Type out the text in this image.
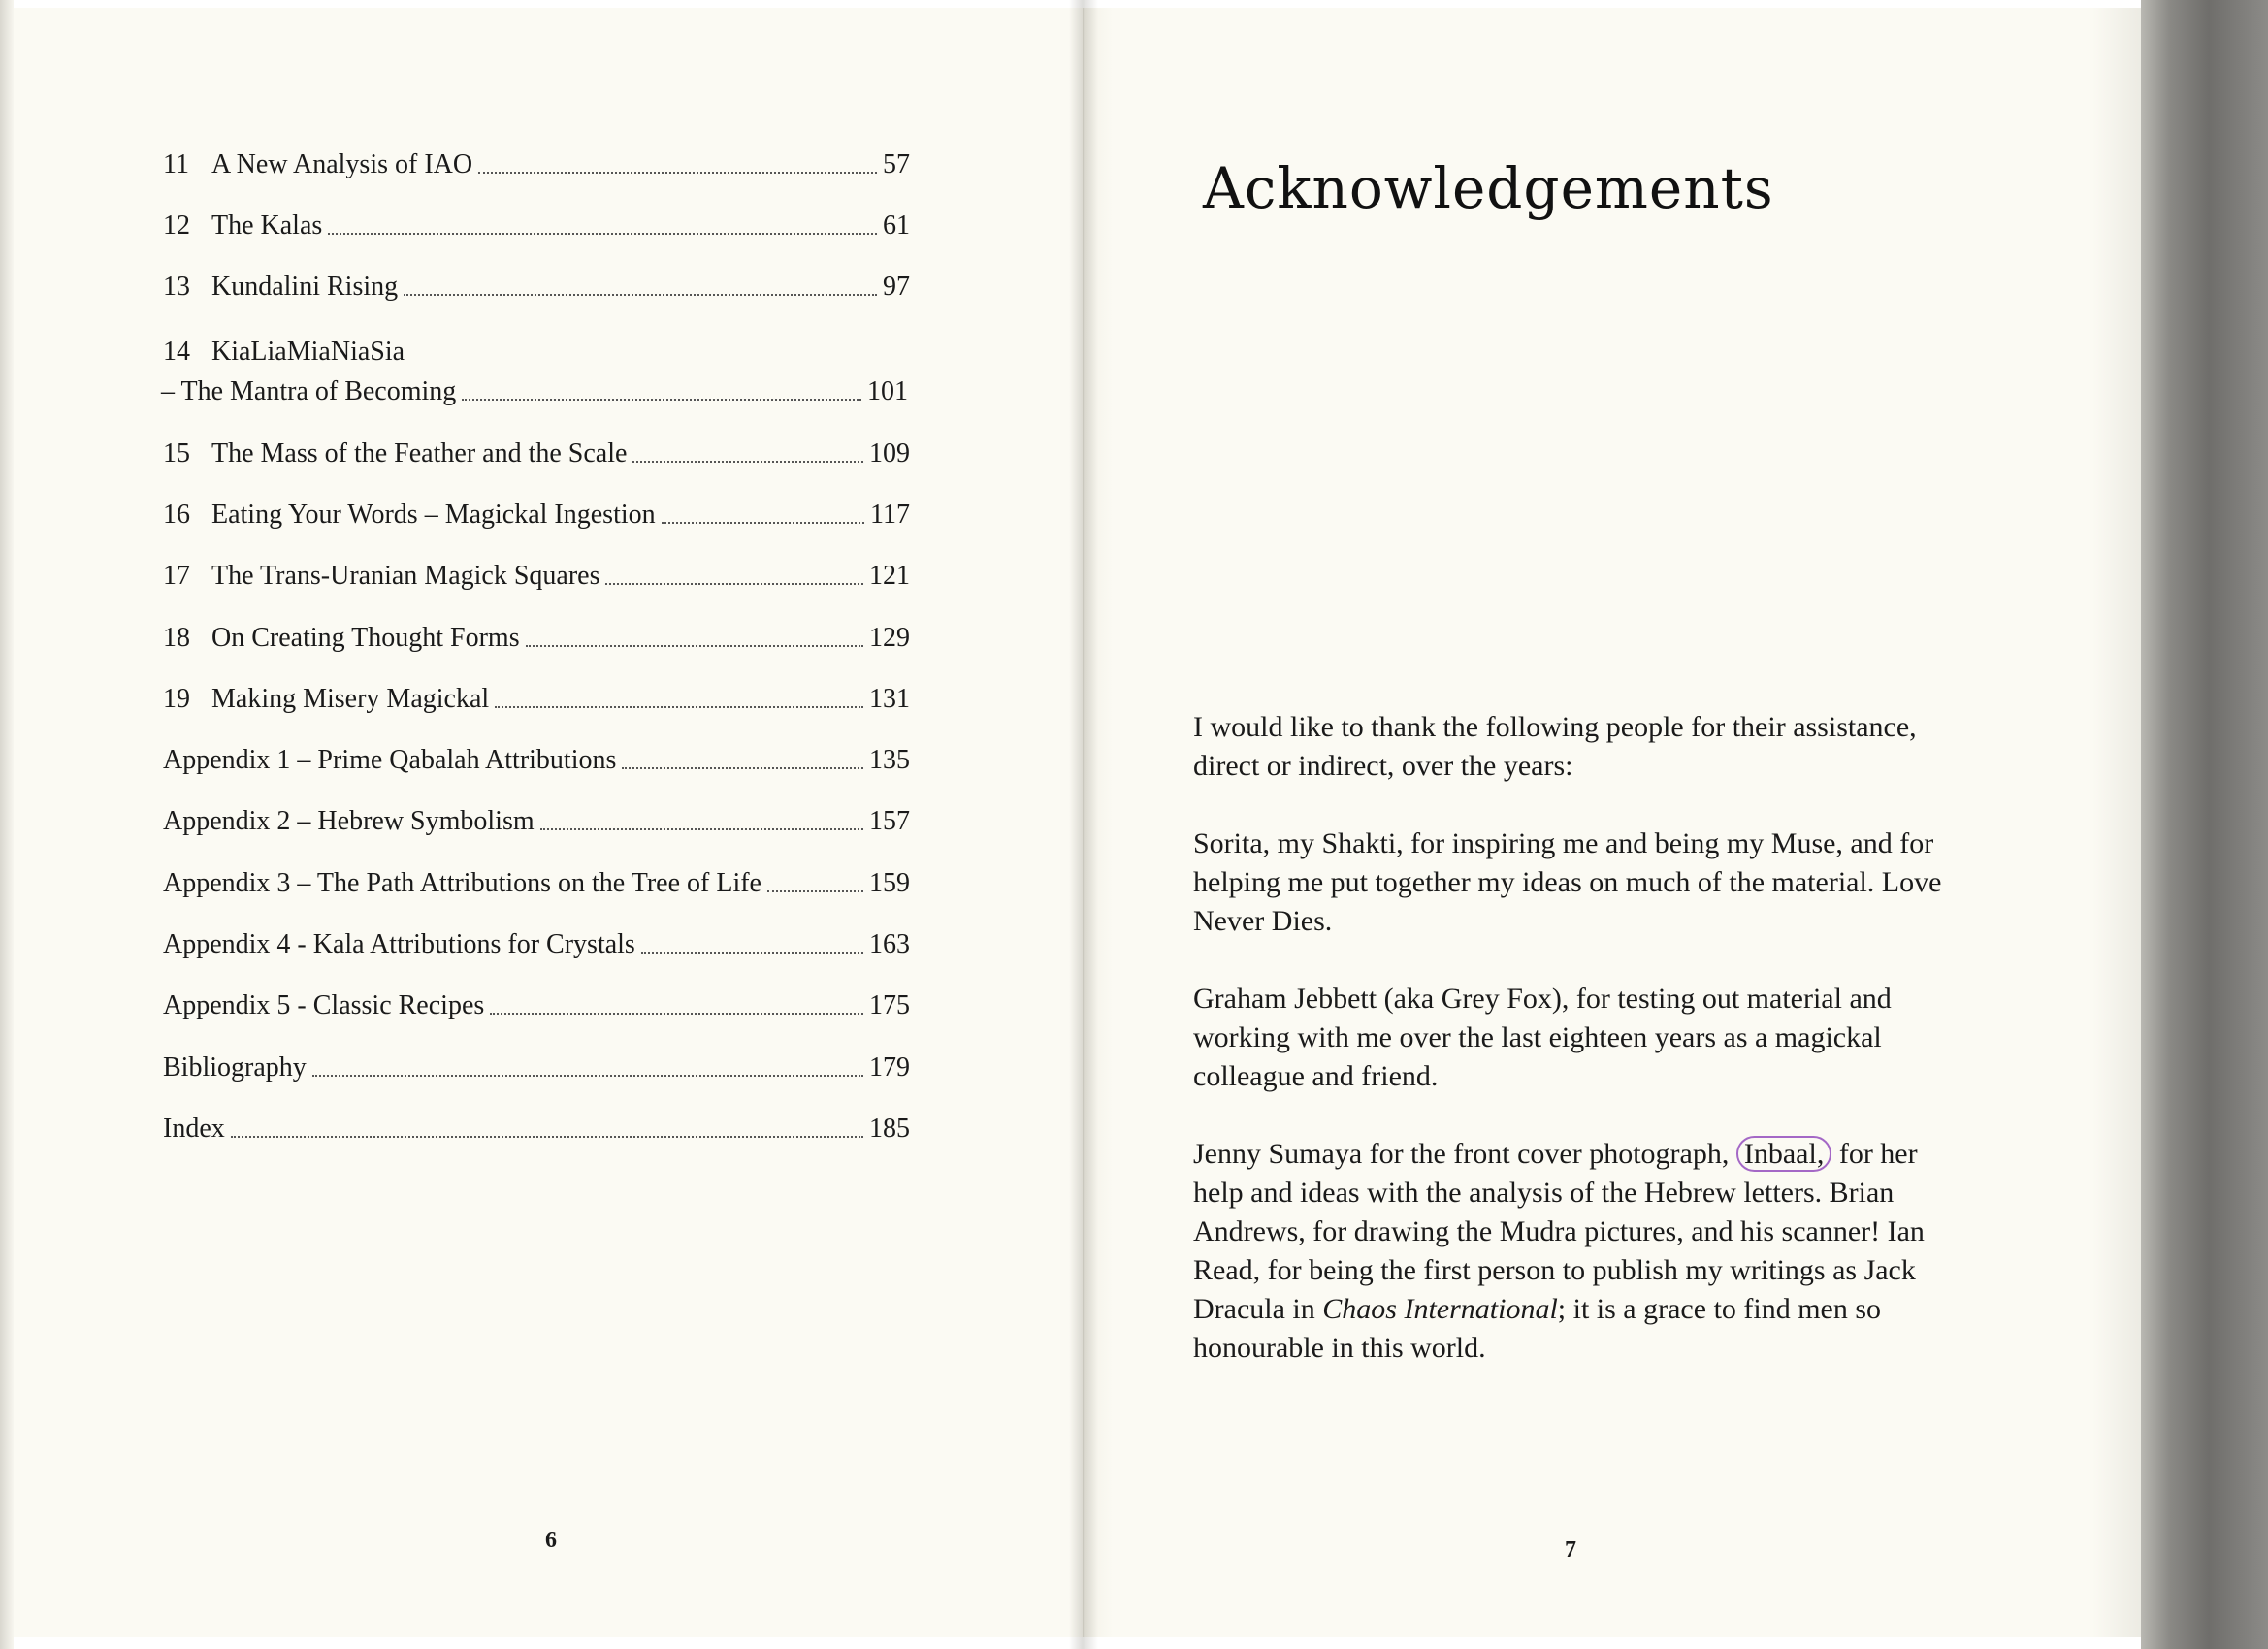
11 A New Analysis of IAO	57
12 The Kalas	61
13 Kundalini Rising	97
14 KiaLiaMiaNiaSia
– The Mantra of Becoming	101
15 The Mass of the Feather and the Scale	109
16 Eating Your Words – Magickal Ingestion	117
17 The Trans-Uranian Magick Squares	121
18 On Creating Thought Forms	129
19 Making Misery Magickal	131
Appendix 1 – Prime Qabalah Attributions	135
Appendix 2 – Hebrew Symbolism	157
Appendix 3 – The Path Attributions on the Tree of Life	159
Appendix 4 - Kala Attributions for Crystals	163
Appendix 5 - Classic Recipes	175
Bibliography	179
Index	185
6
Acknowledgements

I would like to thank the following people for their assistance, direct or indirect, over the years:

Sorita, my Shakti, for inspiring me and being my Muse, and for helping me put together my ideas on much of the material. Love Never Dies.

Graham Jebbett (aka Grey Fox), for testing out material and working with me over the last eighteen years as a magickal colleague and friend.

Jenny Sumaya for the front cover photograph, Inbaal, for her help and ideas with the analysis of the Hebrew letters. Brian Andrews, for drawing the Mudra pictures, and his scanner! Ian Read, for being the first person to publish my writings as Jack Dracula in Chaos International; it is a grace to find men so honourable in this world.

7
